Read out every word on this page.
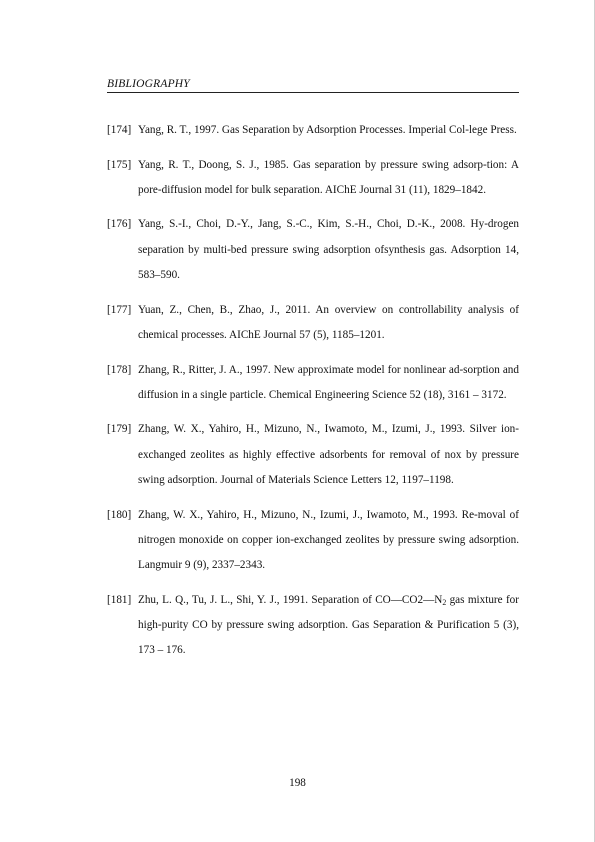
BIBLIOGRAPHY
[174] Yang, R. T., 1997. Gas Separation by Adsorption Processes. Imperial Col-lege Press.
[175] Yang, R. T., Doong, S. J., 1985. Gas separation by pressure swing adsorp-tion: A pore-diffusion model for bulk separation. AIChE Journal 31 (11), 1829–1842.
[176] Yang, S.-I., Choi, D.-Y., Jang, S.-C., Kim, S.-H., Choi, D.-K., 2008. Hy-drogen separation by multi-bed pressure swing adsorption ofsynthesis gas. Adsorption 14, 583–590.
[177] Yuan, Z., Chen, B., Zhao, J., 2011. An overview on controllability analysis of chemical processes. AIChE Journal 57 (5), 1185–1201.
[178] Zhang, R., Ritter, J. A., 1997. New approximate model for nonlinear ad-sorption and diffusion in a single particle. Chemical Engineering Science 52 (18), 3161 – 3172.
[179] Zhang, W. X., Yahiro, H., Mizuno, N., Iwamoto, M., Izumi, J., 1993. Silver ion-exchanged zeolites as highly effective adsorbents for removal of nox by pressure swing adsorption. Journal of Materials Science Letters 12, 1197–1198.
[180] Zhang, W. X., Yahiro, H., Mizuno, N., Izumi, J., Iwamoto, M., 1993. Re-moval of nitrogen monoxide on copper ion-exchanged zeolites by pressure swing adsorption. Langmuir 9 (9), 2337–2343.
[181] Zhu, L. Q., Tu, J. L., Shi, Y. J., 1991. Separation of $CO—CO2—N_2$ gas mixture for high-purity CO by pressure swing adsorption. Gas Separation & Purification 5 (3), 173 – 176.
198
